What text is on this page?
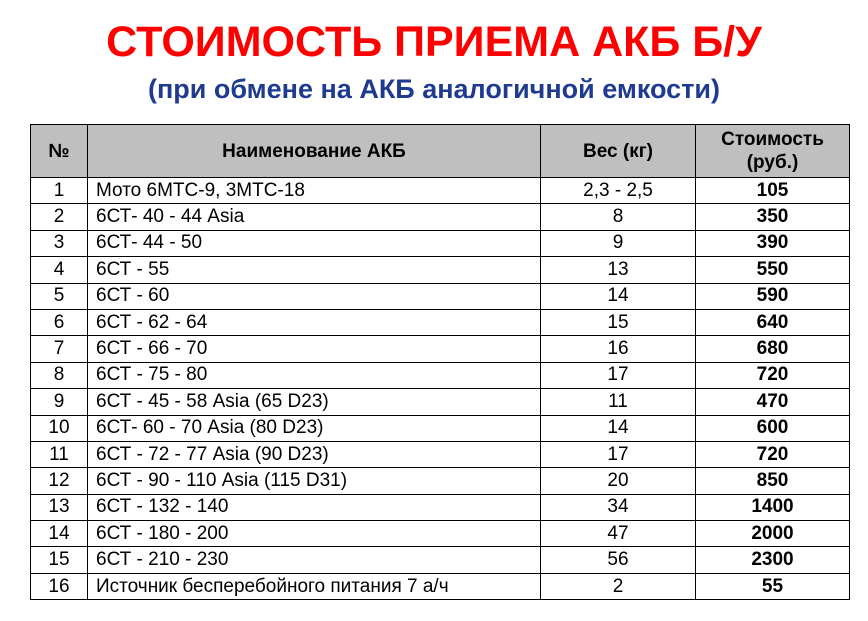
СТОИМОСТЬ ПРИЕМА АКБ Б/У
(при обмене на АКБ аналогичной емкости)
№	Наименование АКБ	Вес (кг)	Стоимость
(руб.)
1	Мото 6МТС-9, 3МТС-18	2,3 - 2,5	105
2	6СТ- 40 - 44 Asia	8	350
3	6СТ- 44 - 50	9	390
4	6СТ - 55	13	550
5	6СТ - 60	14	590
6	6СТ - 62 - 64	15	640
7	6СТ - 66 - 70	16	680
8	6СТ - 75 - 80	17	720
9	6СТ - 45 - 58 Asia (65 D23)	11	470
10	6СТ- 60 - 70 Asia (80 D23)	14	600
11	6СТ - 72 - 77 Asia (90 D23)	17	720
12	6СТ - 90 - 110 Asia (115 D31)	20	850
13	6СТ - 132 - 140	34	1400
14	6СТ - 180 - 200	47	2000
15	6СТ - 210 - 230	56	2300
16	Источник бесперебойного питания 7 а/ч	2	55
